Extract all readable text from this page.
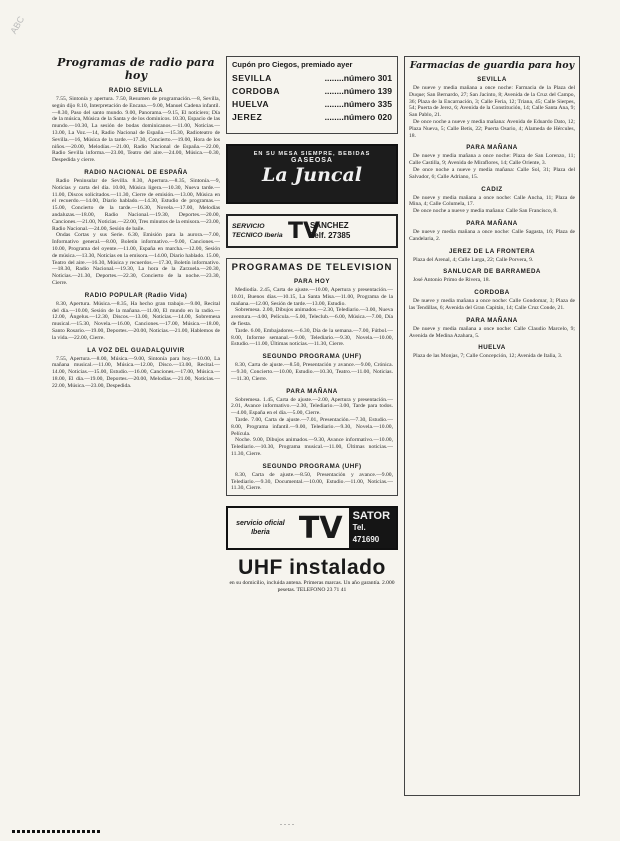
ABC
Programas de radio para hoy
RADIO SEVILLA

7.55, Sintonía y apertura. 7.50, Resumen de programación.—8, Sevilla, según dijo 8.10, Interpretación de Encana.—9.00, Manuel Cadena infantil.—8.30, Paso del santo mundo. 9.00, Panorama.—9.15, El noticiero; Día de la música, Música de la Santa y de los dominicos. 10.30, Espacio de las mundo.—10.30, La sesión de bodas dominicanos.—11.00, Noticias.—13.00, La Voz.—14, Radio Nacional de España.—15.30, Radioteatro de Sevilla.—16, Música de la tarde.—17.30, Concierto.—19.00, Hora de los niños.—20.00, Melodías.—21.00, Radio Nacional de España.—22.00, Radio Sevilla informa.—23.00, Teatro del aire.—24.00, Música.—0.30, Despedida y cierre.

RADIO NACIONAL DE ESPAÑA

Radio Peninsular de Sevilla. 8.30, Apertura.—8.35, Sintonía.—9, Noticias y carta del día. 10.00, Música ligera.—10.30, Nueva tarde.—11.00, Discos solicitados.—11.30, Cierre de emisión.—13.00, Música en el recuerdo.—14.00, Diario hablado.—14.30, Estudio de programas.—15.00, Concierto de la tarde.—16.30, Novela.—17.00, Melodías andaluzas.—18.00, Radio Nacional.—19.30, Deportes.—20.00, Canciones.—21.00, Noticias.—22.00, Tres minutos de la emisora.—23.00, Radio Nacional.—24.00, Sesión de baile.

Ondas Cortas y sus Serie. 6.30, Emisión para la aurora.—7.00, Informativo general.—8.00, Boletín informativo.—9.00, Canciones.—10.00, Programa del oyente.—11.00, España en marcha.—12.00, Sesión de música.—13.30, Noticias en la emisora.—14.00, Diario hablado. 15.00, Teatro del aire.—16.30, Música y recuerdos.—17.30, Boletín informativo.—18.30, Radio Nacional.—19.30, La hora de la Zarzuela.—20.30, Noticias.—21.30, Deportes.—22.30, Concierto de la noche.—23.30, Cierre.

RADIO POPULAR (Radio Vida)

8.30, Apertura. Música.—8.35, Ha hecho gran trabajo.—9.00, Recital del día.—10.00, Sesión de la mañana.—11.00, El mundo en la radio.—12.00, Ángelus.—12.30, Discos.—13.00, Noticias.—14.00, Sobremesa musical.—15.30, Novela.—16.00, Canciones.—17.00, Música.—18.00, Santo Rosario.—19.00, Deportes.—20.00, Noticias.—21.00, Hablemos de la vida.—22.00, Cierre.

LA VOZ DEL GUADALQUIVIR

7.55, Apertura.—8.00, Música.—9.00, Sintonía para hoy.—10.00, La mañana musical.—11.00, Música.—12.00, Disco.—13.00, Recital.—14.00, Noticias.—15.00, Estudio.—16.00, Canciones.—17.00, Música.—18.00, El día.—19.00, Deportes.—20.00, Melodías.—21.00, Noticias.—22.00, Música.—23.00, Despedida.

Cupón pro Ciegos, premiado ayer
SEVILLA	........número 301
CORDOBA	........número 139
HUELVA	........número 335
JEREZ	........número 020
EN SU MESA SIEMPRE, BEBIDAS
GASEOSA
La Juncal
SERVICIO TECNICO Iberia TV
SANCHEZ
Telf. 27385
PROGRAMAS DE TELEVISION
PARA HOY

Mediodía. 2.45, Carta de ajuste.—10.00, Apertura y presentación.—10.01, Buenos días.—10.15, La Santa Misa.—11.00, Programa de la mañana.—12.00, Sesión de tarde.—13.00, Estudio.

Sobremesa. 2.00, Dibujos animados.—2.30, Telediario.—3.00, Nueva aventura.—4.00, Película.—5.00, Teleclub.—6.00, Música.—7.00, Día de fiesta.

Tarde. 6.00, Embajadores.—6.30, Día de la semana.—7.00, Fútbol.—8.00, Informe semanal.—9.00, Telediario.—9.30, Novela.—10.00, Estudio.—11.00, Últimas noticias.—11.30, Cierre.

SEGUNDO PROGRAMA (UHF)

8.30, Carta de ajuste.—8.50, Presentación y avance.—9.00, Crónica.—9.30, Concierto.—10.00, Estudio.—10.30, Teatro.—11.00, Noticias.—11.30, Cierre.

PARA MAÑANA

Sobremesa. 1.45, Carta de ajuste.—2.00, Apertura y presentación.—2.01, Avance informativo.—2.30, Telediario.—3.00, Tarde para todos.—4.00, España en el día.—5.00, Cierre.

Tarde. 7.00, Carta de ajuste.—7.01, Presentación.—7.30, Estudio.—8.00, Programa infantil.—9.00, Telediario.—9.30, Novela.—10.00, Película.

Noche. 9.00, Dibujos animados.—9.30, Avance informativo.—10.00, Telediario.—10.30, Programa musical.—11.00, Últimas noticias.—11.30, Cierre.

SEGUNDO PROGRAMA (UHF)

8.30, Carta de ajuste.—8.50, Presentación y avance.—9.00, Telediario.—9.30, Documental.—10.00, Estudio.—11.00, Noticias.—11.30, Cierre.

servicio oficial Iberia TV SATOR
Tel. 471690
UHF instalado
en su domicilio, incluida antena. Primeras marcas. Un año garantía. 2.000 pesetas. TELEFONO 23 71 41
Farmacias de guardia para hoy
SEVILLA

De nueve y media mañana a once noche: Farmacia de la Plaza del Duque; San Bernardo, 27; San Jacinto, 8; Avenida de la Cruz del Campo, 36; Plaza de la Encarnación, 3; Calle Feria, 12; Triana, 45; Calle Sierpes, 54; Puerta de Jerez, 6; Avenida de la Constitución, 14; Calle Santa Ana, 9; San Pablo, 21.

De once noche a nueve y media mañana: Avenida de Eduardo Dato, 12; Plaza Nueva, 5; Calle Betis, 22; Puerta Osario, 4; Alameda de Hércules, 18.

PARA MAÑANA

De nueve y media mañana a once noche: Plaza de San Lorenzo, 11; Calle Castilla, 9; Avenida de Miraflores, 14; Calle Oriente, 3.

De once noche a nueve y media mañana: Calle Sol, 31; Plaza del Salvador, 6; Calle Adriano, 15.

CADIZ

De nueve y media mañana a once noche: Calle Ancha, 11; Plaza de Mina, 4; Calle Columela, 17.

De once noche a nueve y media mañana: Calle San Francisco, 8.

PARA MAÑANA

De nueve y media mañana a once noche: Calle Sagasta, 16; Plaza de Candelaria, 2.

JEREZ DE LA FRONTERA

Plaza del Arenal, 4; Calle Larga, 22; Calle Porvera, 9.

SANLUCAR DE BARRAMEDA

José Antonio Primo de Rivera, 18.

CORDOBA

De nueve y media mañana a once noche: Calle Gondomar, 3; Plaza de las Tendillas, 6; Avenida del Gran Capitán, 14; Calle Cruz Conde, 21.

PARA MAÑANA

De nueve y media mañana a once noche: Calle Claudio Marcelo, 9; Avenida de Medina Azahara, 5.

HUELVA

Plaza de las Monjas, 7; Calle Concepción, 12; Avenida de Italia, 3.

. . . .
